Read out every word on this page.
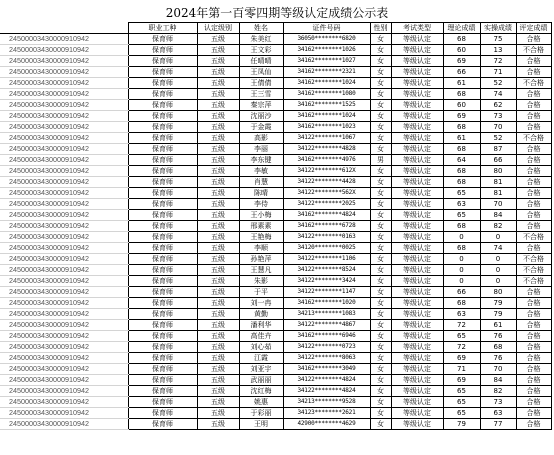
2024年第一百零四期等级认定成绩公示表
	职业工种	认定级别	姓名	证件号码	性别	考试类型	理论成绩	实操成绩	评定成绩
24500003430000910942	保育师	五级	朱美红	36050********6820	女	等级认定	68	75	合格
24500003430000910942	保育师	五级	王文彩	34162********1026	女	等级认定	60	13	不合格
24500003430000910942	保育师	五级	任晴晴	34162********1027	女	等级认定	69	72	合格
24500003430000910942	保育师	五级	王凤仙	34162********2321	女	等级认定	66	71	合格
24500003430000910942	保育师	五级	王倩倩	34162********1024	女	等级认定	61	52	不合格
24500003430000910942	保育师	五级	王三雪	34162********1080	女	等级认定	68	74	合格
24500003430000910942	保育师	五级	秦宗萍	34162********1525	女	等级认定	60	62	合格
24500003430000910942	保育师	五级	沈丽沙	34162********1024	女	等级认定	69	73	合格
24500003430000910942	保育师	五级	于金霞	34162********1023	女	等级认定	68	70	合格
24500003430000910942	保育师	五级	高影	34122********1067	女	等级认定	61	52	不合格
24500003430000910942	保育师	五级	李丽	34122********4828	女	等级认定	68	87	合格
24500003430000910942	保育师	五级	李东键	34162********4976	男	等级认定	64	66	合格
24500003430000910942	保育师	五级	李敏	34122********612X	女	等级认定	68	80	合格
24500003430000910942	保育师	五级	肖慧	34122********4428	女	等级认定	68	81	合格
24500003430000910942	保育师	五级	陈晴	34122********562X	女	等级认定	65	81	合格
24500003430000910942	保育师	五级	李侍	34122********2025	女	等级认定	63	70	合格
24500003430000910942	保育师	五级	王小梅	34162********4824	女	等级认定	65	84	合格
24500003430000910942	保育师	五级	邢素素	34162********6728	女	等级认定	68	82	合格
24500003430000910942	保育师	五级	王艳梅	34122********0163	女	等级认定	0	0	不合格
24500003430000910942	保育师	五级	李顺	34120********0025	女	等级认定	68	74	合格
24500003430000910942	保育师	五级	孙艳萍	34122********1106	女	等级认定	0	0	不合格
24500003430000910942	保育师	五级	王慧凡	34122********8524	女	等级认定	0	0	不合格
24500003430000910942	保育师	五级	朱影	34122********3424	女	等级认定	0	0	不合格
24500003430000910942	保育师	五级	于平	34122********1147	女	等级认定	66	80	合格
24500003430000910942	保育师	五级	刘一冉	34162********1020	女	等级认定	68	79	合格
24500003430000910942	保育师	五级	黄勤	34213********1083	女	等级认定	63	79	合格
24500003430000910942	保育师	五级	潘利华	34122********4867	女	等级认定	72	61	合格
24500003430000910942	保育师	五级	高佳卉	34162********6946	女	等级认定	65	76	合格
24500003430000910942	保育师	五级	刘心茹	34122********0723	女	等级认定	72	68	合格
24500003430000910942	保育师	五级	江霞	34122********8063	女	等级认定	69	76	合格
24500003430000910942	保育师	五级	刘亚宇	34162********3049	女	等级认定	71	70	合格
24500003430000910942	保育师	五级	武丽丽	34122********4824	女	等级认定	69	84	合格
24500003430000910942	保育师	五级	沈红梅	34122********4824	女	等级认定	65	82	合格
24500003430000910942	保育师	五级	姚惠	34213********9528	女	等级认定	65	73	合格
24500003430000910942	保育师	五级	于彩丽	34123********2621	女	等级认定	65	63	合格
24500003430000910942	保育师	五级	王明	42900********4629	女	等级认定	79	77	合格
